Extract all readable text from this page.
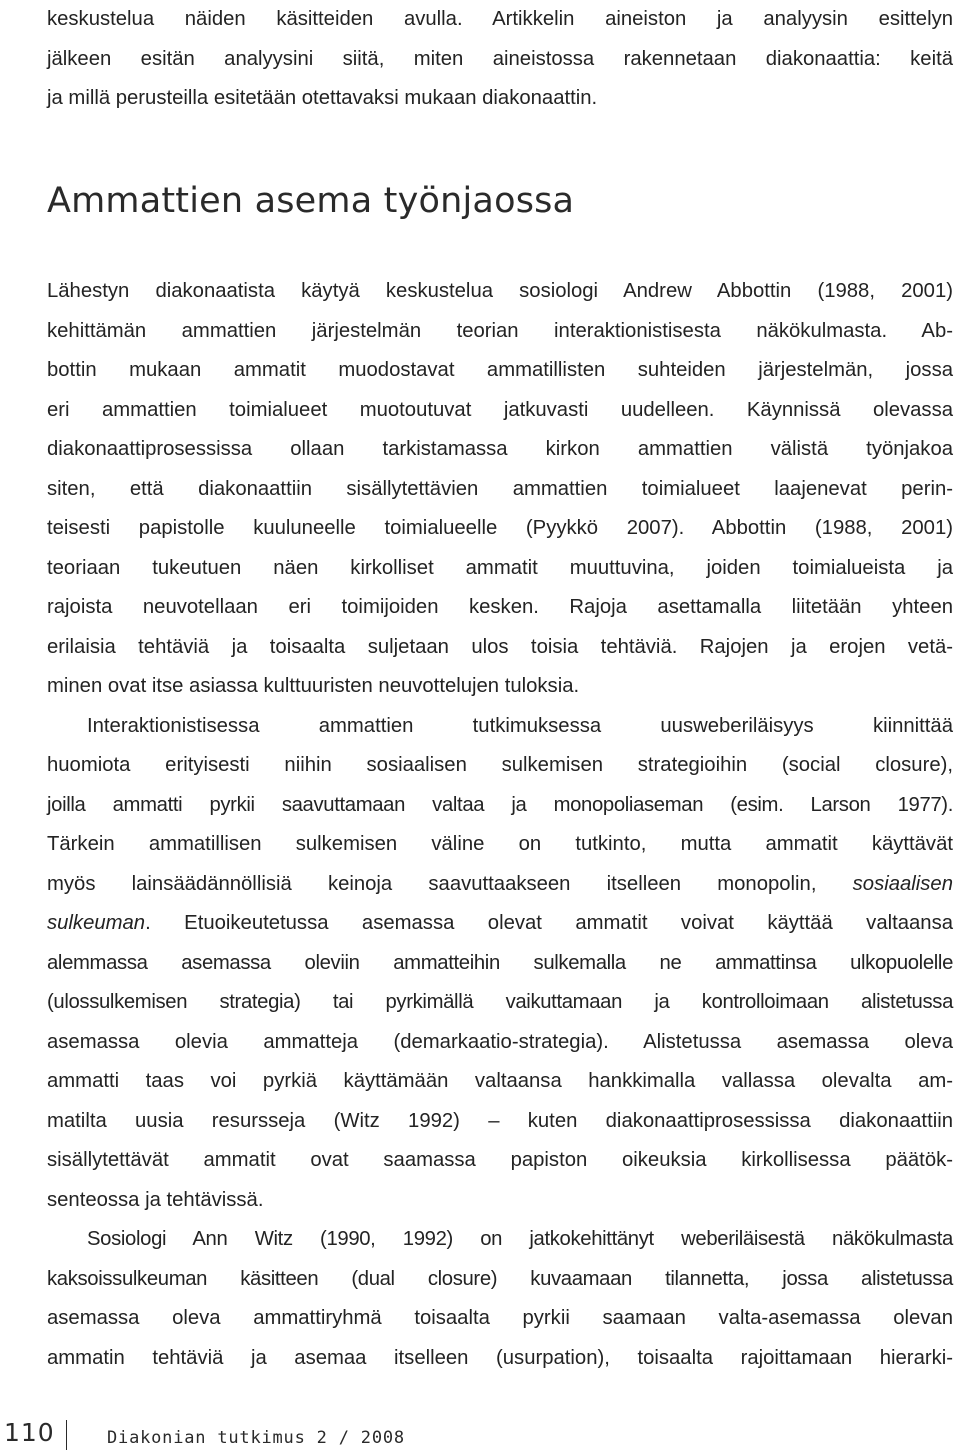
keskustelua näiden käsitteiden avulla. Artikkelin aineiston ja analyysin esittelyn
jälkeen esitän analyysini siitä, miten aineistossa rakennetaan diakonaattia: keitä
ja millä perusteilla esitetään otettavaksi mukaan diakonaattin.
Ammattien asema työnjaossa
Lähestyn diakonaatista käytyä keskustelua sosiologi Andrew Abbottin (1988, 2001)
kehittämän ammattien järjestelmän teorian interaktionistisesta näkökulmasta. Ab-
bottin mukaan ammatit muodostavat ammatillisten suhteiden järjestelmän, jossa
eri ammattien toimialueet muotoutuvat jatkuvasti uudelleen. Käynnissä olevassa
diakonaattiprosessissa ollaan tarkistamassa kirkon ammattien välistä työnjakoa
siten, että diakonaattiin sisällytettävien ammattien toimialueet laajenevat perin-
teisesti papistolle kuuluneelle toimialueelle (Pyykkö 2007). Abbottin (1988, 2001)
teoriaan tukeutuen näen kirkolliset ammatit muuttuvina, joiden toimialueista ja
rajoista neuvotellaan eri toimijoiden kesken. Rajoja asettamalla liitetään yhteen
erilaisia tehtäviä ja toisaalta suljetaan ulos toisia tehtäviä. Rajojen ja erojen vetä-
minen ovat itse asiassa kulttuuristen neuvottelujen tuloksia.
Interaktionistisessa ammattien tutkimuksessa uusweberiläisyys kiinnittää
huomiota erityisesti niihin sosiaalisen sulkemisen strategioihin (social closure),
joilla ammatti pyrkii saavuttamaan valtaa ja monopoliaseman (esim. Larson 1977).
Tärkein ammatillisen sulkemisen väline on tutkinto, mutta ammatit käyttävät
myös lainsäädännöllisiä keinoja saavuttaakseen itselleen monopolin, sosiaalisen
sulkeuman. Etuoikeutetussa asemassa olevat ammatit voivat käyttää valtaansa
alemmassa asemassa oleviin ammatteihin sulkemalla ne ammattinsa ulkopuolelle
(ulossulkemisen strategia) tai pyrkimällä vaikuttamaan ja kontrolloimaan alistetussa
asemassa olevia ammatteja (demarkaatio-strategia). Alistetussa asemassa oleva
ammatti taas voi pyrkiä käyttämään valtaansa hankkimalla vallassa olevalta am-
matilta uusia resursseja (Witz 1992) – kuten diakonaattiprosessissa diakonaattiin
sisällytettävät ammatit ovat saamassa papiston oikeuksia kirkollisessa päätök-
senteossa ja tehtävissä.
Sosiologi Ann Witz (1990, 1992) on jatkokehittänyt weberiläisestä näkökulmasta
kaksoissulkeuman käsitteen (dual closure) kuvaamaan tilannetta, jossa alistetussa
asemassa oleva ammattiryhmä toisaalta pyrkii saamaan valta-asemassa olevan
ammatin tehtäviä ja asemaa itselleen (usurpation), toisaalta rajoittamaan hierarki-
110	Diakonian tutkimus 2 / 2008
